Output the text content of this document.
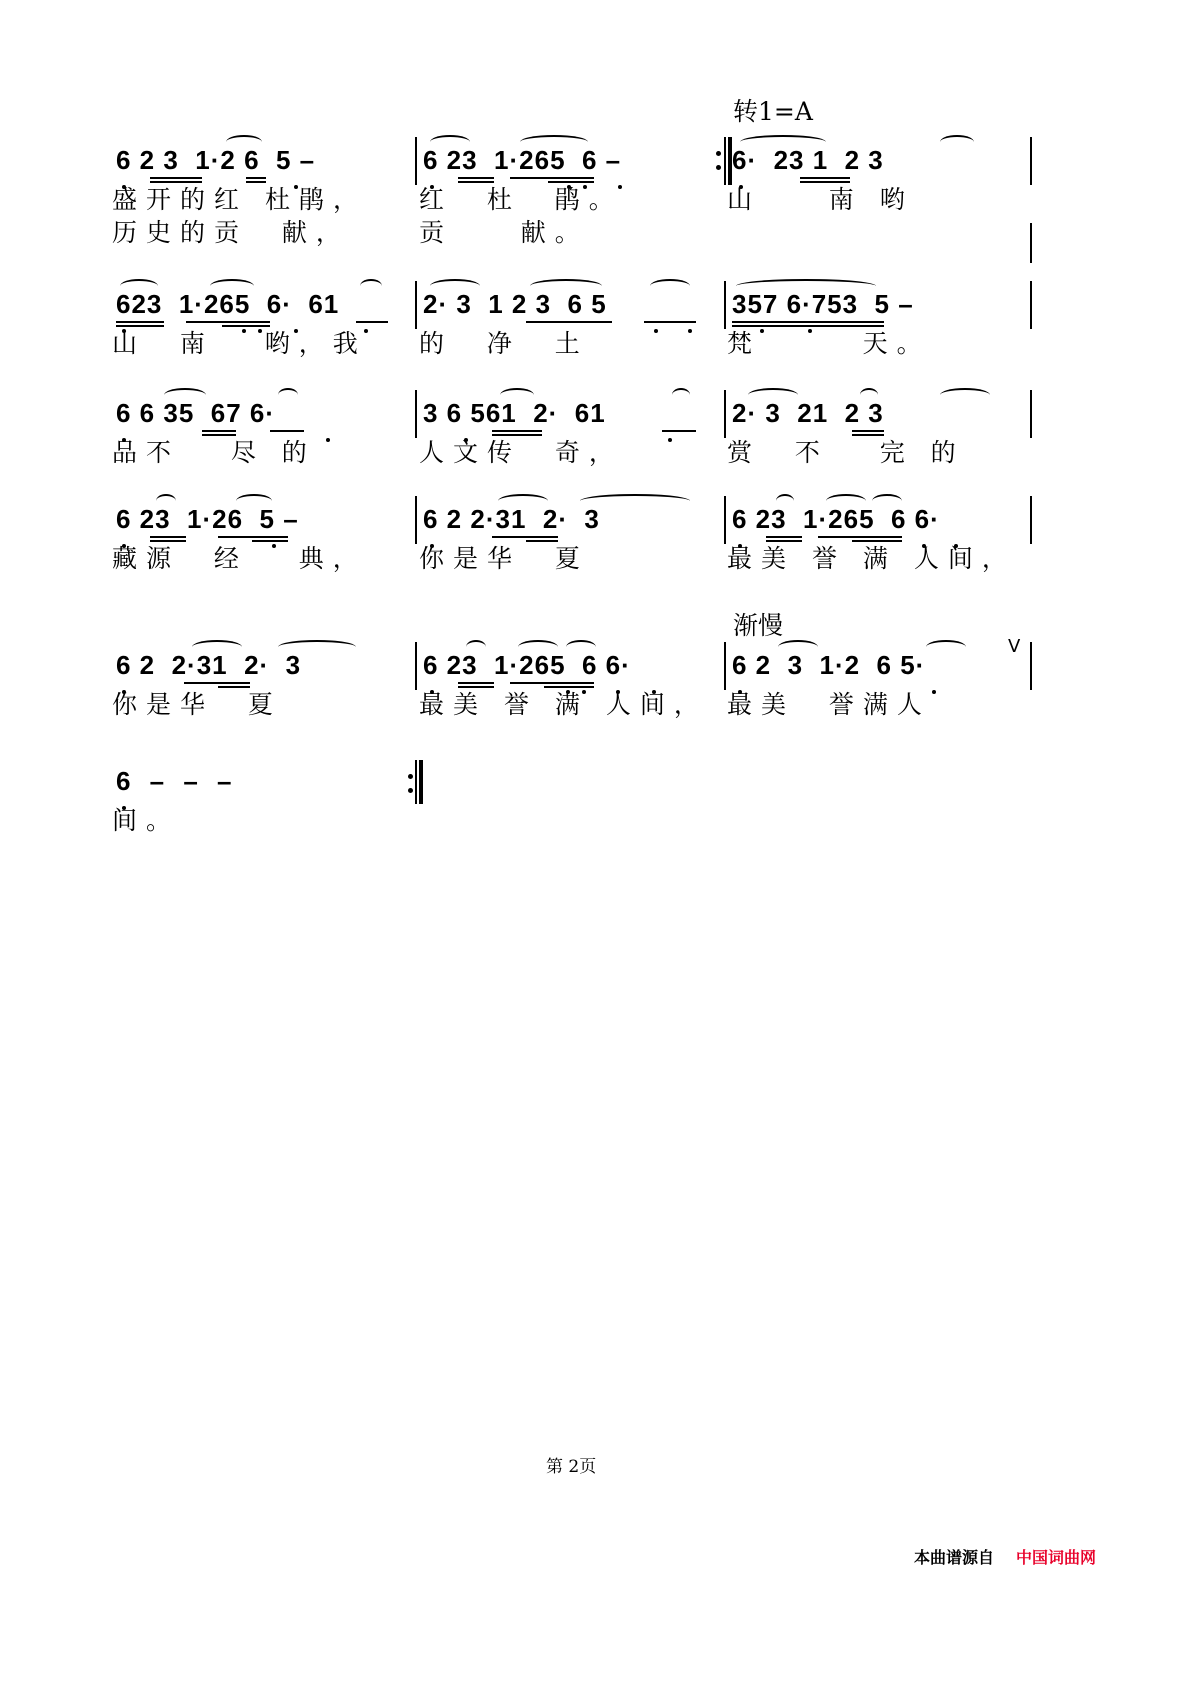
转1=A
6 2 3  1·2 6  5 –	6 23  1·265  6 –	6·  23 1  2 3
盛开的红 杜鹃， 红  杜  鹃。	山    南 哟
历史的贡  献，	贡    献。
623  1·265  6·  61	2· 3  1 2 3  6 5	357 6·753  5 –
山  南   哟，我 的  净  土	梵      天。
6 6 35  67 6·	3 6 561  2·  61	2· 3  21  2 3
品不   尽 的	人文传  奇，	赏  不   完 的
6 23  1·26  5 –	6 2 2·31  2·  3	6 23  1·265  6 6·
藏源  经   典， 你是华  夏	最美 誉 满 人间，
渐慢
6 2  2·31  2·  3	6 23  1·265  6 6·	6 2  3  1·2  6 5·
V
你是华  夏	最美 誉 满 人间， 最美  誉满人
6 – – –
间。
第 2页
本曲谱源自 中国词曲网
